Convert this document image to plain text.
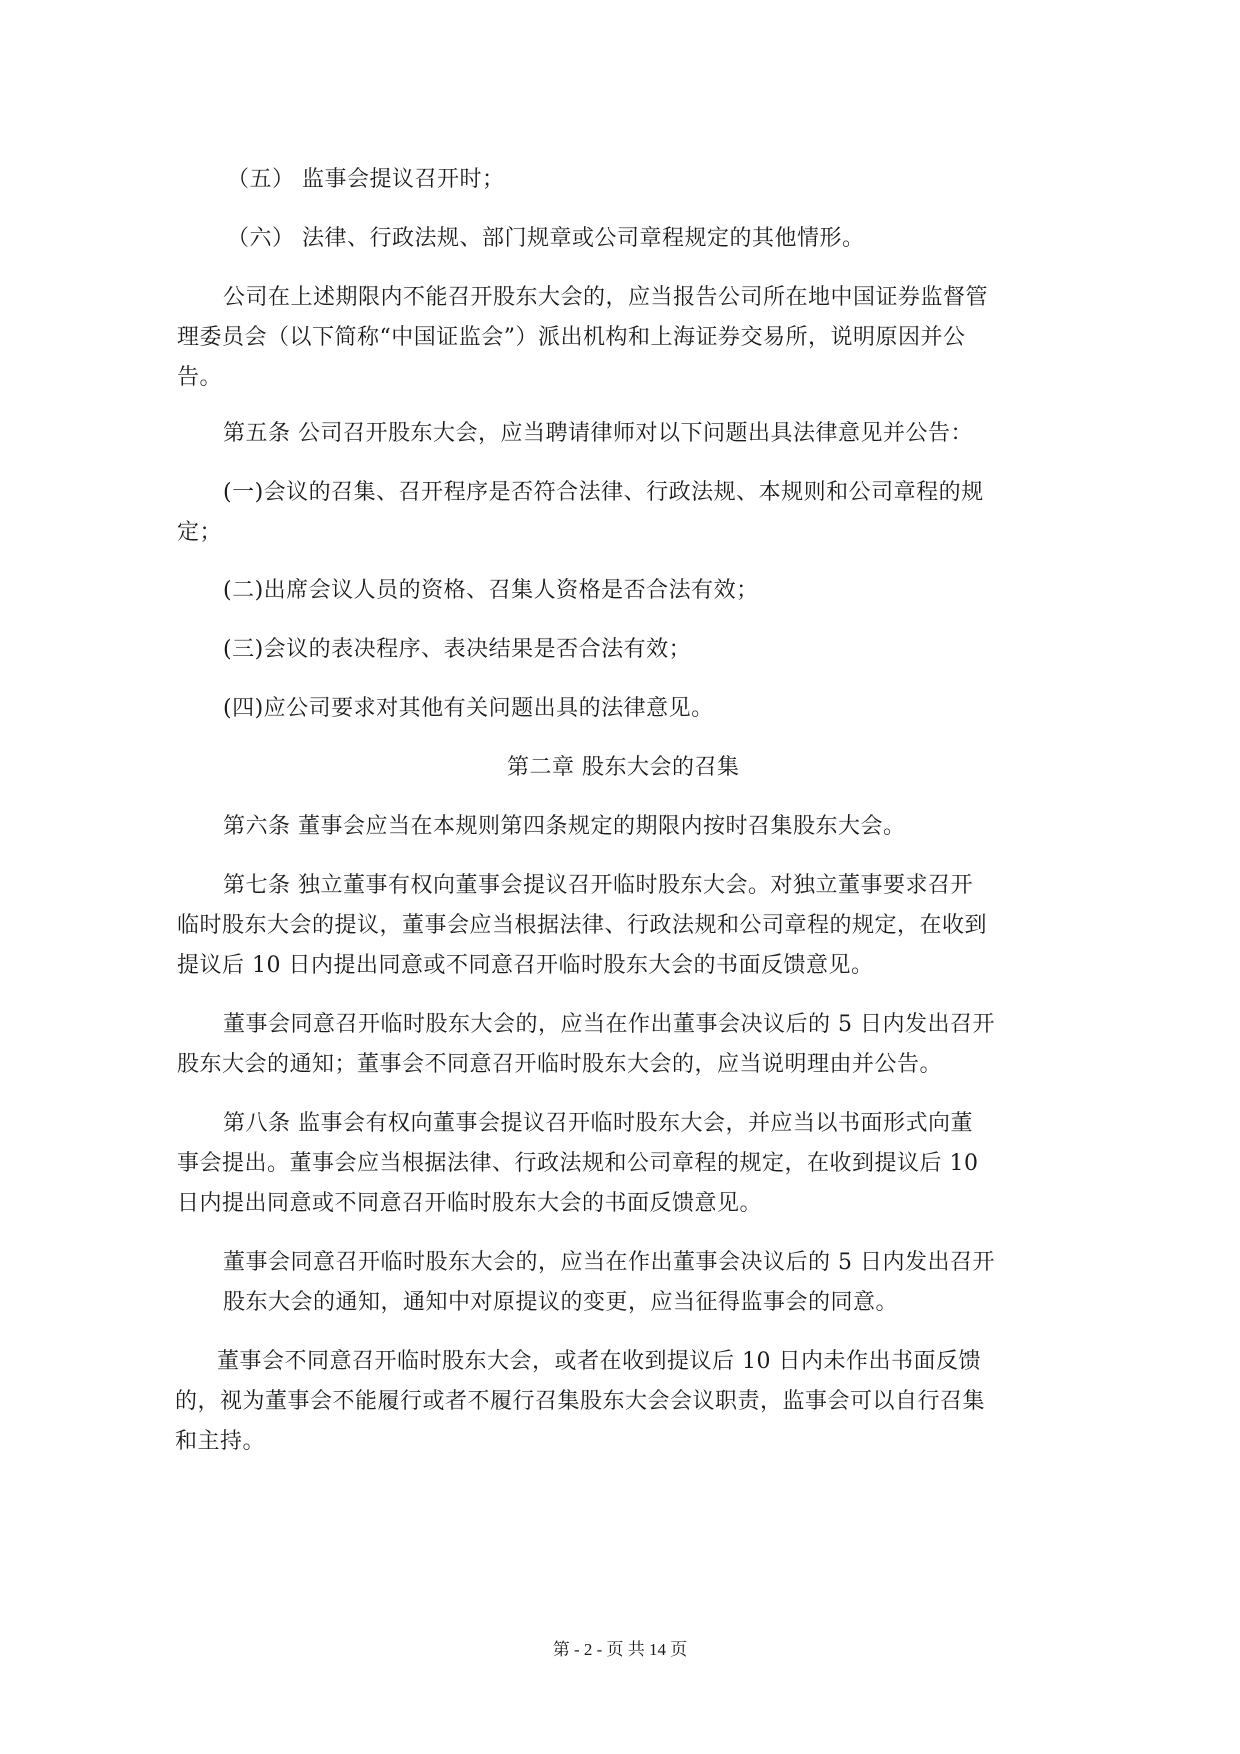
（五） 监事会提议召开时；
（六） 法律、行政法规、部门规章或公司章程规定的其他情形。
公司在上述期限内不能召开股东大会的，应当报告公司所在地中国证券监督管
理委员会（以下简称“中国证监会”）派出机构和上海证券交易所，说明原因并公
告。
第五条 公司召开股东大会，应当聘请律师对以下问题出具法律意见并公告：
(一)会议的召集、召开程序是否符合法律、行政法规、本规则和公司章程的规
定；
(二)出席会议人员的资格、召集人资格是否合法有效；
(三)会议的表决程序、表决结果是否合法有效；
(四)应公司要求对其他有关问题出具的法律意见。
第二章 股东大会的召集
第六条 董事会应当在本规则第四条规定的期限内按时召集股东大会。
第七条 独立董事有权向董事会提议召开临时股东大会。对独立董事要求召开
临时股东大会的提议，董事会应当根据法律、行政法规和公司章程的规定，在收到
提议后 10 日内提出同意或不同意召开临时股东大会的书面反馈意见。
董事会同意召开临时股东大会的，应当在作出董事会决议后的 5 日内发出召开
股东大会的通知；董事会不同意召开临时股东大会的，应当说明理由并公告。
第八条 监事会有权向董事会提议召开临时股东大会，并应当以书面形式向董
事会提出。董事会应当根据法律、行政法规和公司章程的规定，在收到提议后 10
日内提出同意或不同意召开临时股东大会的书面反馈意见。
董事会同意召开临时股东大会的，应当在作出董事会决议后的 5 日内发出召开
股东大会的通知，通知中对原提议的变更，应当征得监事会的同意。
董事会不同意召开临时股东大会，或者在收到提议后 10 日内未作出书面反馈
的，视为董事会不能履行或者不履行召集股东大会会议职责，监事会可以自行召集
和主持。
第 - 2 - 页 共 14 页
